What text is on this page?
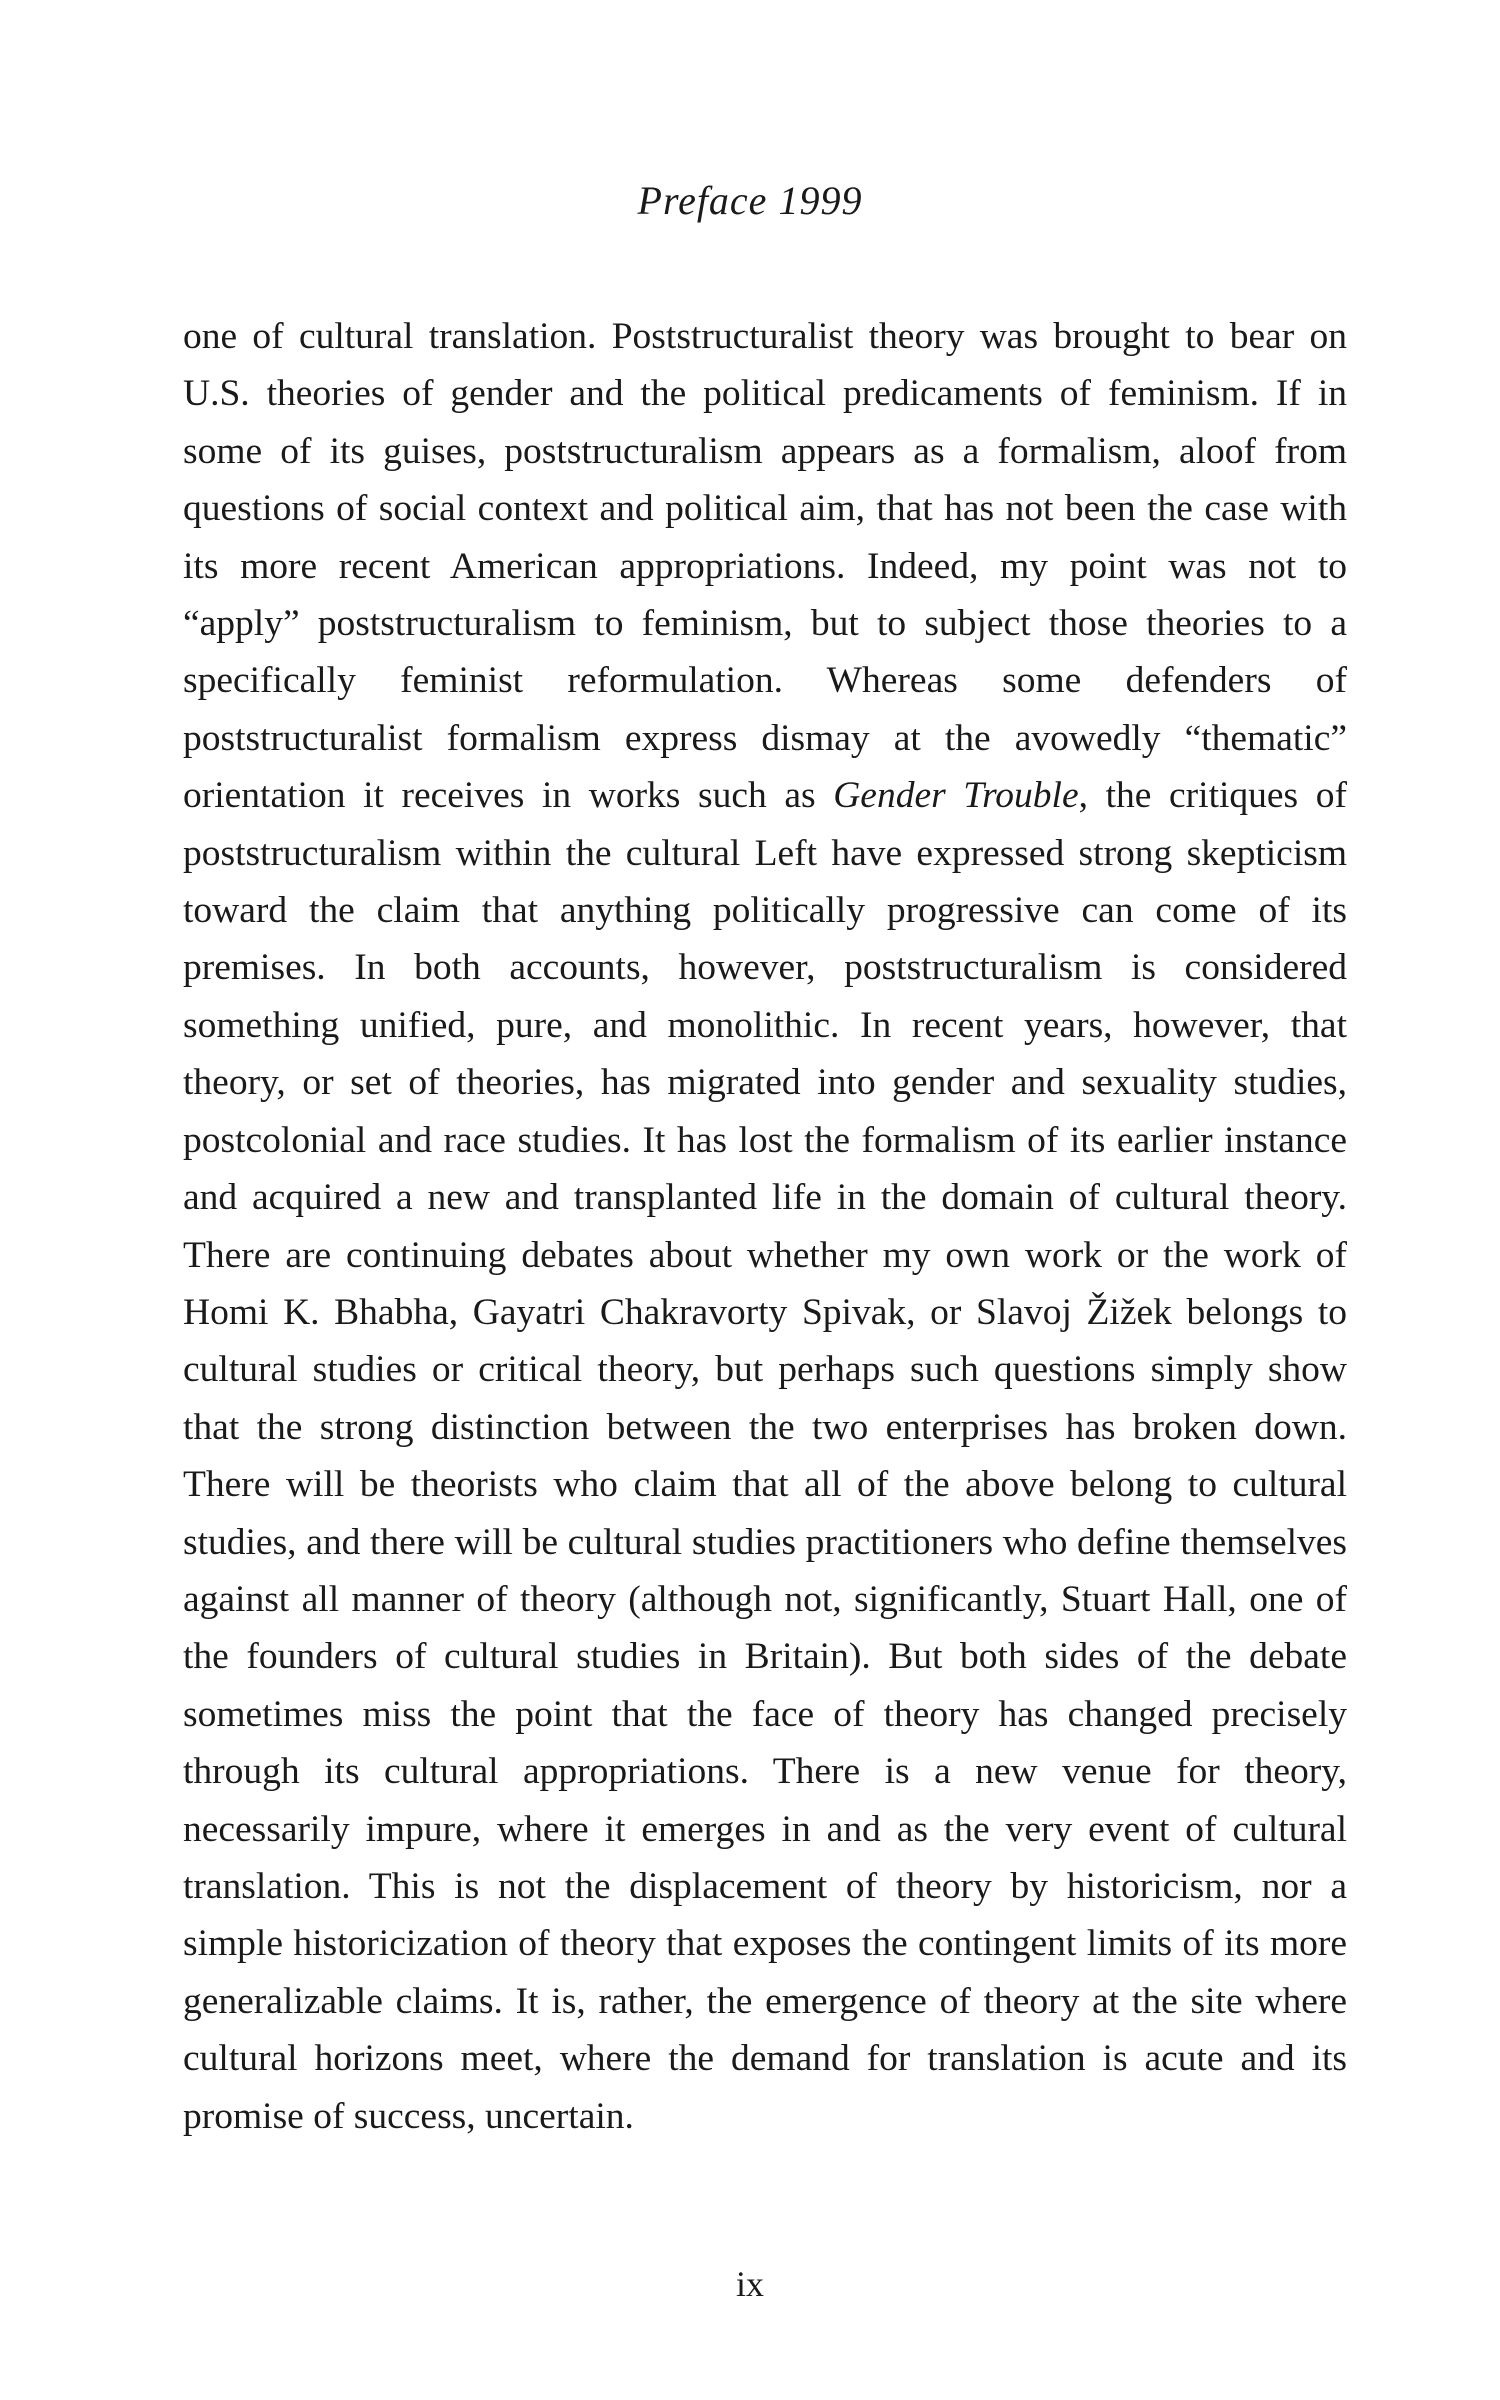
Preface 1999

one of cultural translation. Poststructuralist theory was brought to bear on U.S. theories of gender and the political predicaments of feminism. If in some of its guises, poststructuralism appears as a formalism, aloof from questions of social context and political aim, that has not been the case with its more recent American appropriations. Indeed, my point was not to “apply” poststructuralism to feminism, but to subject those theories to a specifically feminist reformulation. Whereas some defenders of poststructuralist formalism express dismay at the avowedly “thematic” orientation it receives in works such as Gender Trouble, the critiques of poststructuralism within the cultural Left have expressed strong skepticism toward the claim that anything politically progressive can come of its premises. In both accounts, however, poststructuralism is considered something unified, pure, and monolithic. In recent years, however, that theory, or set of theories, has migrated into gender and sexuality studies, postcolonial and race studies. It has lost the formalism of its earlier instance and acquired a new and transplanted life in the domain of cultural theory. There are continuing debates about whether my own work or the work of Homi K. Bhabha, Gayatri Chakravorty Spivak, or Slavoj Žižek belongs to cultural studies or critical theory, but perhaps such questions simply show that the strong distinction between the two enterprises has broken down. There will be theorists who claim that all of the above belong to cultural studies, and there will be cultural studies practitioners who define themselves against all manner of theory (although not, significantly, Stuart Hall, one of the founders of cultural studies in Britain). But both sides of the debate sometimes miss the point that the face of theory has changed precisely through its cultural appropriations. There is a new venue for theory, necessarily impure, where it emerges in and as the very event of cultural translation. This is not the displacement of theory by historicism, nor a simple historicization of theory that exposes the contingent limits of its more generalizable claims. It is, rather, the emergence of theory at the site where cultural horizons meet, where the demand for translation is acute and its promise of success, uncertain.

ix
